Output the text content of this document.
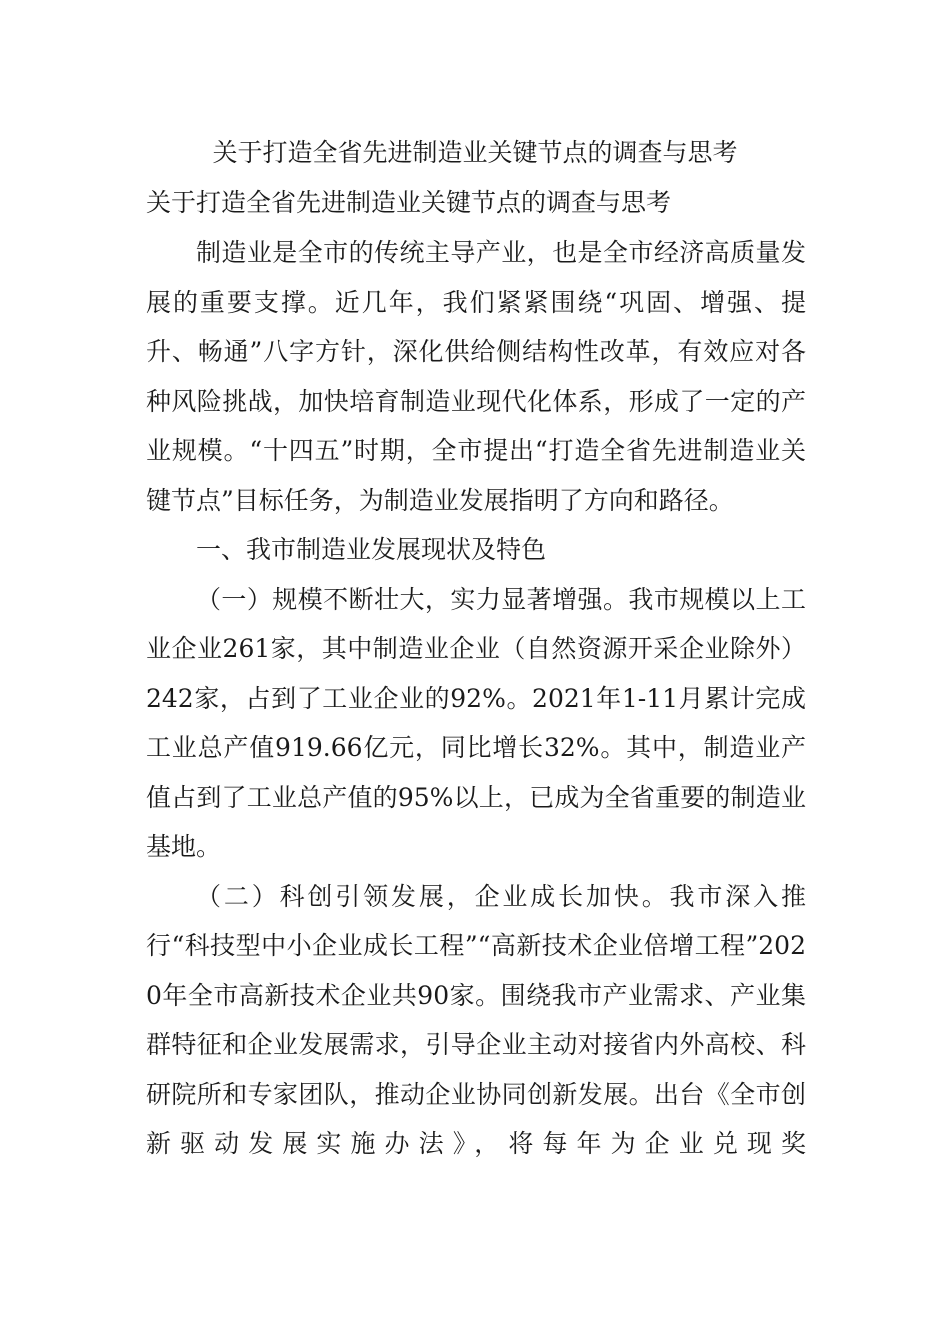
关于打造全省先进制造业关键节点的调查与思考
关于打造全省先进制造业关键节点的调查与思考

制造业是全市的传统主导产业，也是全市经济高质量发展的重要支撑。近几年，我们紧紧围绕“巩固、增强、提升、畅通”八字方针，深化供给侧结构性改革，有效应对各种风险挑战，加快培育制造业现代化体系，形成了一定的产业规模。“十四五”时期，全市提出“打造全省先进制造业关键节点”目标任务，为制造业发展指明了方向和路径。

一、我市制造业发展现状及特色

（一）规模不断壮大，实力显著增强。我市规模以上工业企业261家，其中制造业企业（自然资源开采企业除外）242家，占到了工业企业的92%。2021年1-11月累计完成工业总产值919.66亿元，同比增长32%。其中，制造业产值占到了工业总产值的95%以上，已成为全省重要的制造业基地。

（二）科创引领发展，企业成长加快。我市深入推行“科技型中小企业成长工程”“高新技术企业倍增工程”2020年全市高新技术企业共90家。围绕我市产业需求、产业集群特征和企业发展需求，引导企业主动对接省内外高校、科研院所和专家团队，推动企业协同创新发展。出台《全市创新驱动发展实施办法》，将每年为企业兑现奖
